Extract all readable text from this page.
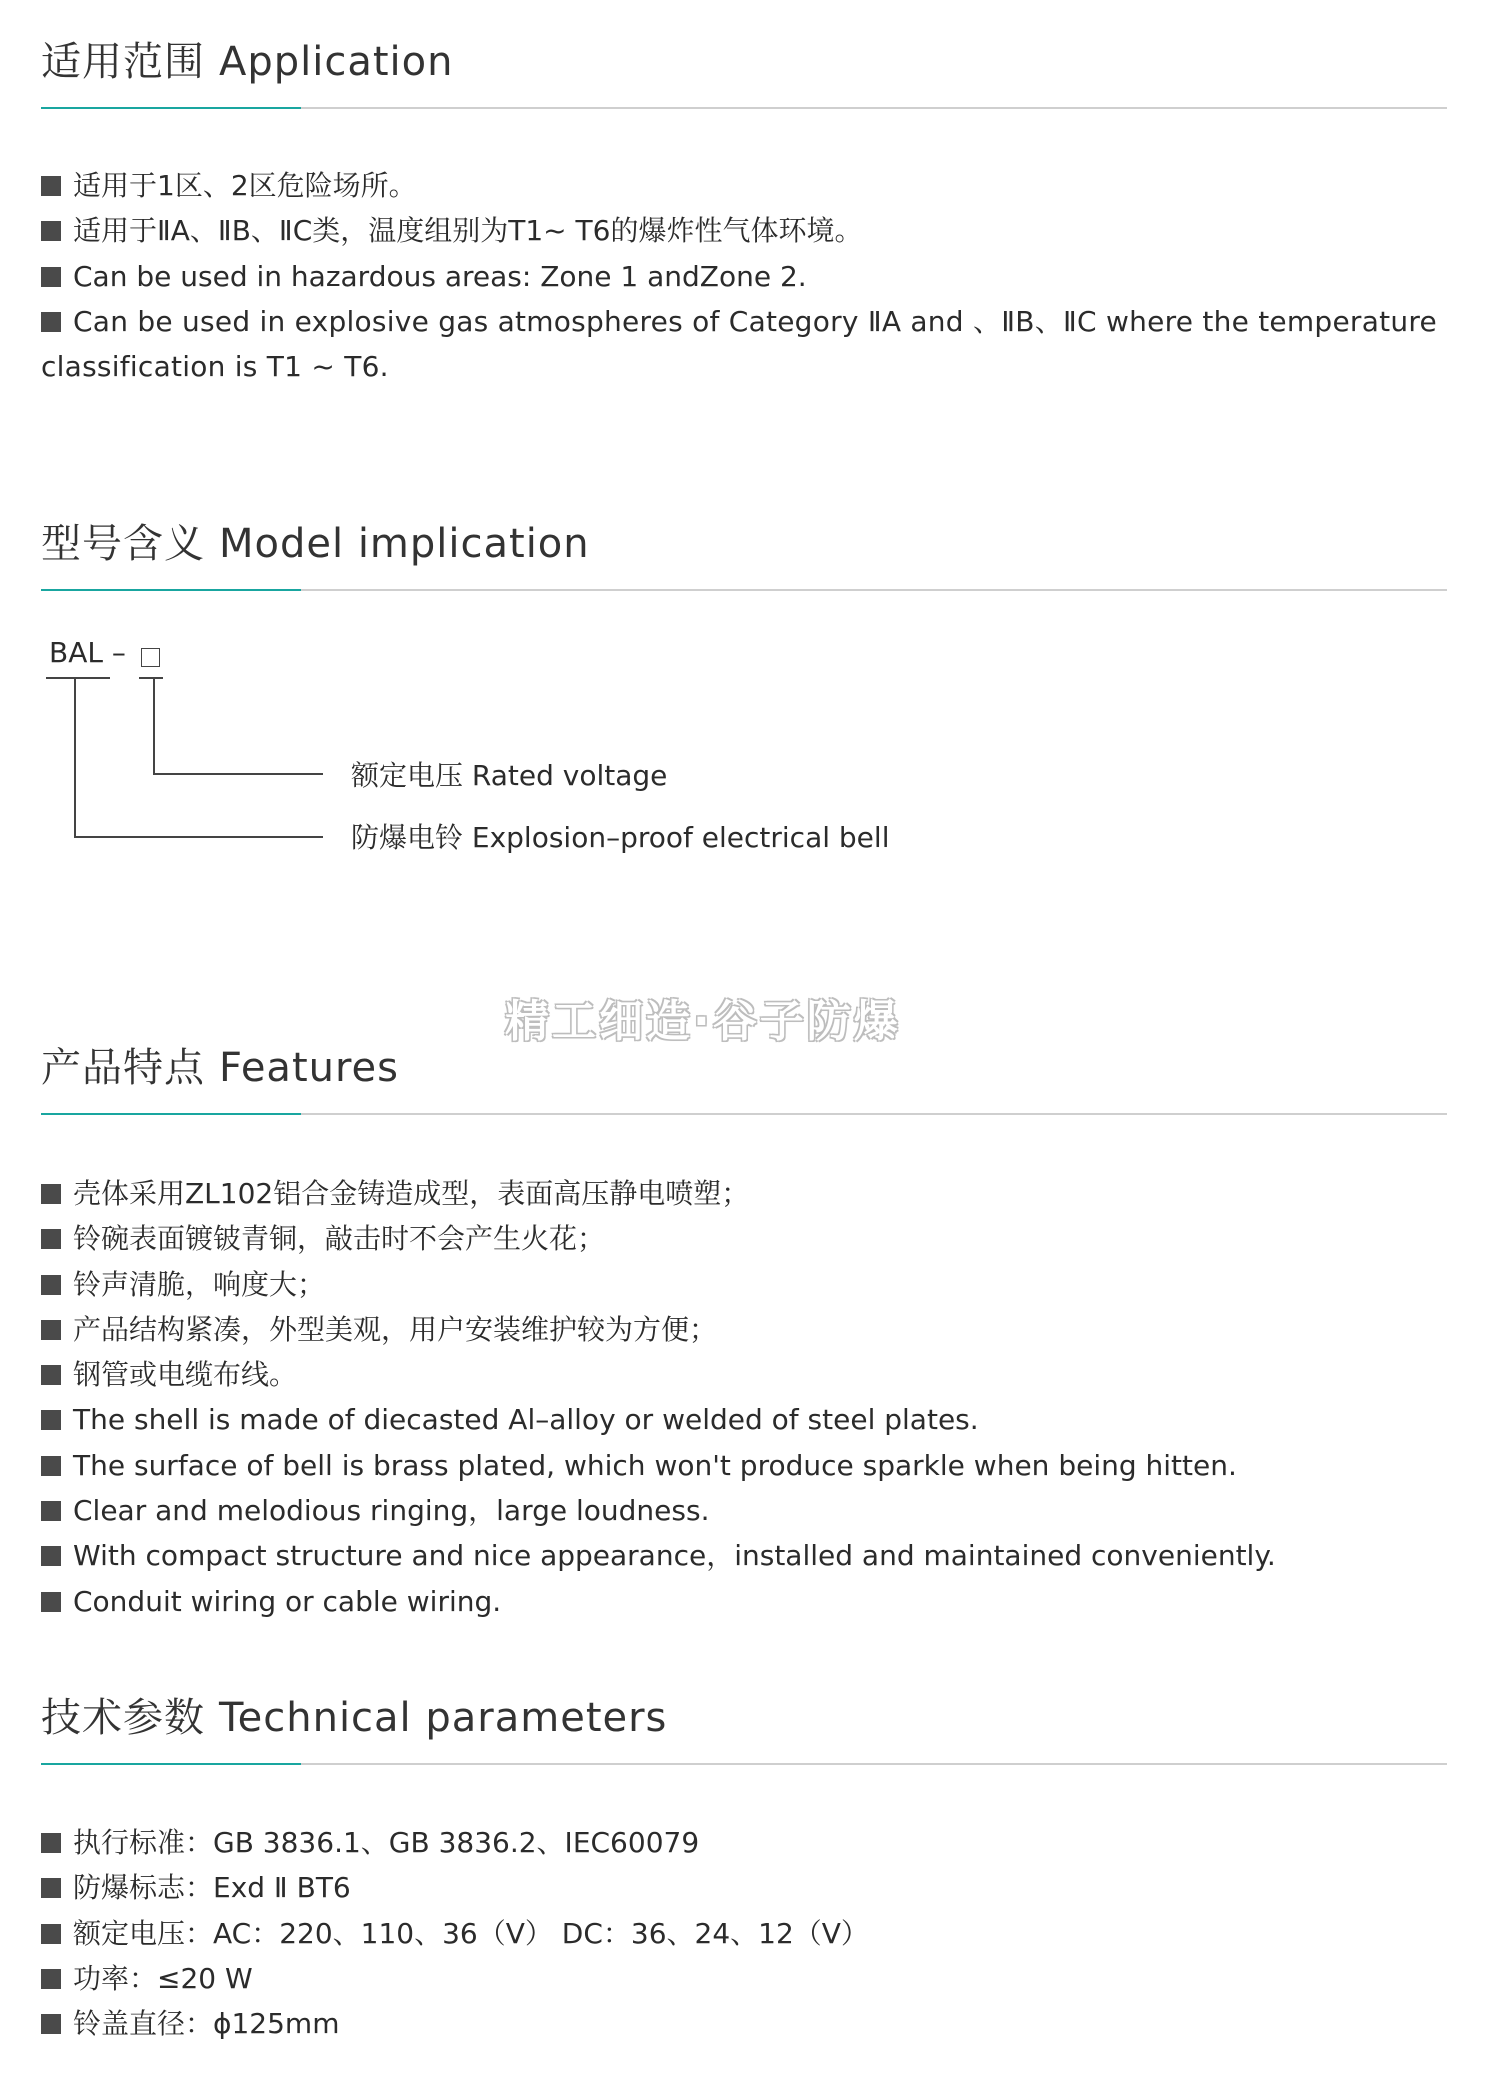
适用范围 Application
适用于1区、2区危险场所。
适用于ⅡA、ⅡB、ⅡC类，温度组别为T1~ T6的爆炸性气体环境。
Can be used in hazardous areas: Zone 1 andZone 2.
Can be used in explosive gas atmospheres of Category ⅡA and 、ⅡB、ⅡC where the temperature classification is T1 ~ T6.
型号含义 Model implication
BAL –
额定电压 Rated voltage
防爆电铃 Explosion–proof electrical bell
精工细造·谷子防爆
产品特点 Features
壳体采用ZL102铝合金铸造成型，表面高压静电喷塑；
铃碗表面镀铍青铜，敲击时不会产生火花；
铃声清脆，响度大；
产品结构紧凑，外型美观，用户安装维护较为方便；
钢管或电缆布线。
The shell is made of diecasted Al–alloy or welded of steel plates.
The surface of bell is brass plated, which won't produce sparkle when being hitten.
Clear and melodious ringing，large loudness.
With compact structure and nice appearance，installed and maintained conveniently.
Conduit wiring or cable wiring.
技术参数 Technical parameters
执行标准：GB 3836.1、GB 3836.2、IEC60079
防爆标志：Exd Ⅱ BT6
额定电压：AC：220、110、36（V） DC：36、24、12（V）
功率：≤20 W
铃盖直径：ϕ125mm
